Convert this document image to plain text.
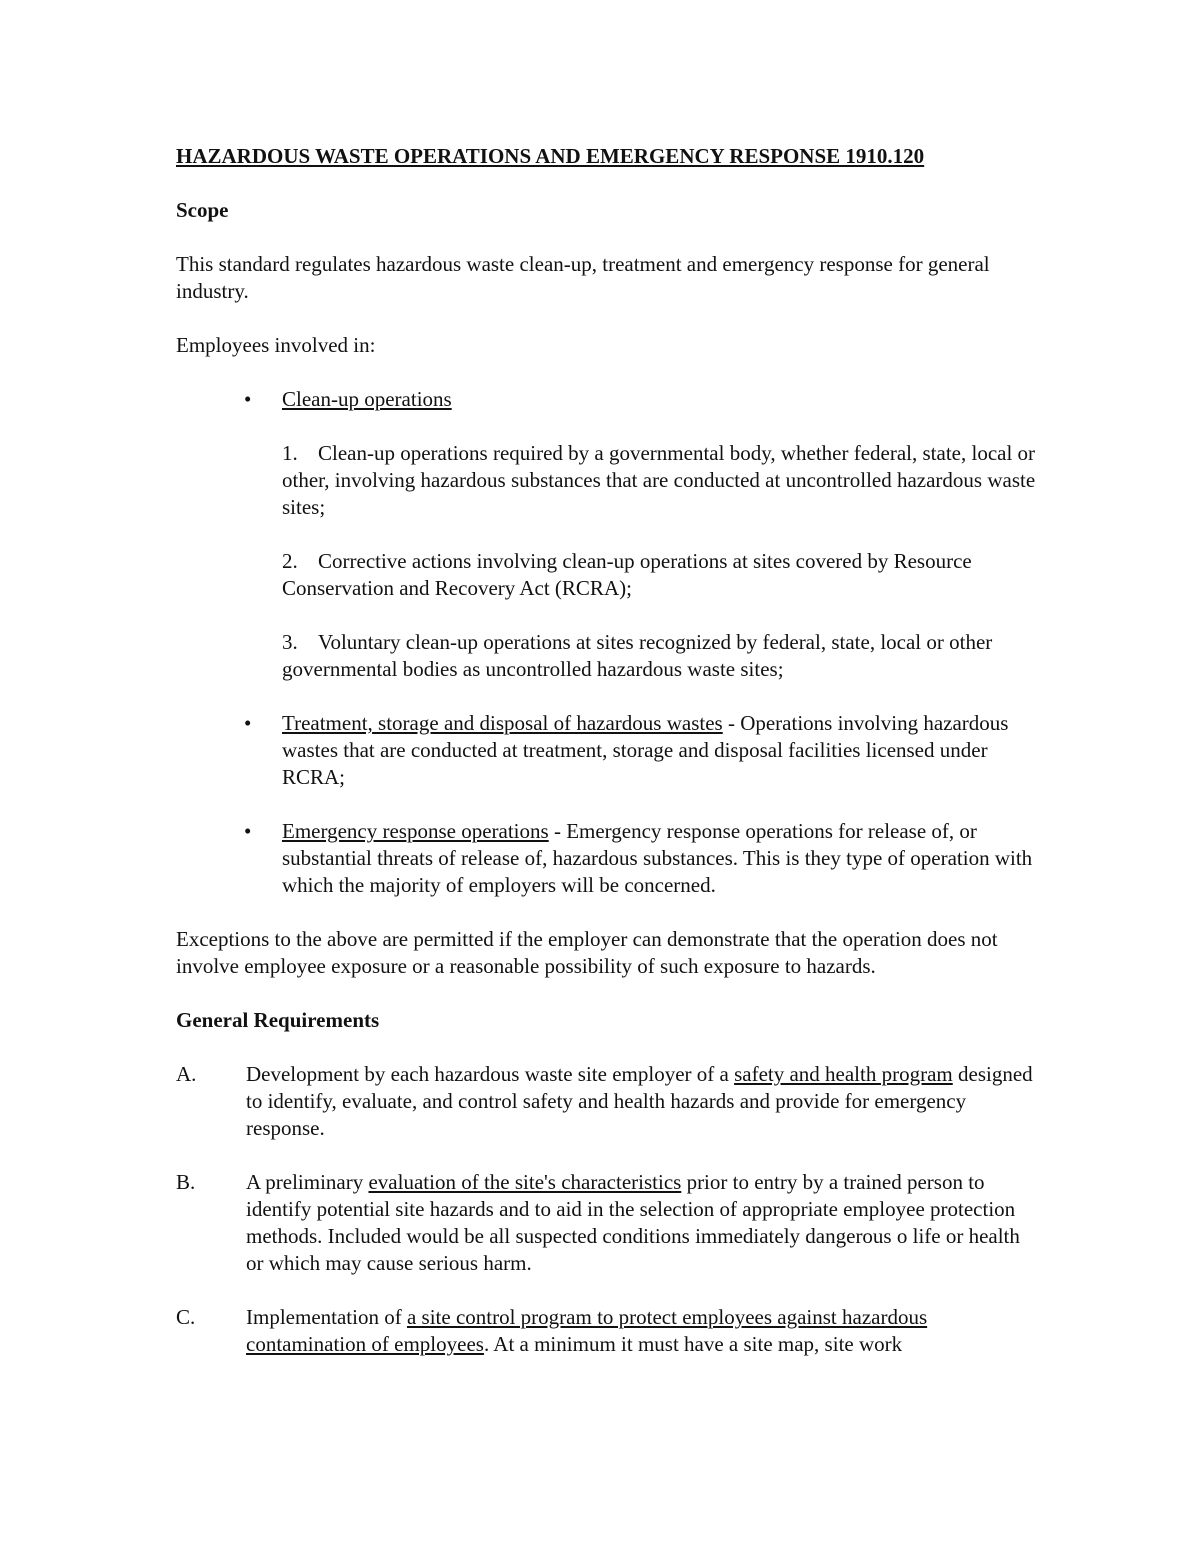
HAZARDOUS WASTE OPERATIONS AND EMERGENCY RESPONSE 1910.120

Scope

This standard regulates hazardous waste clean-up, treatment and emergency response for general industry.

Employees involved in:

• Clean-up operations
1. Clean-up operations required by a governmental body, whether federal, state, local or other, involving hazardous substances that are conducted at uncontrolled hazardous waste sites;
2. Corrective actions involving clean-up operations at sites covered by Resource Conservation and Recovery Act (RCRA);
3. Voluntary clean-up operations at sites recognized by federal, state, local or other governmental bodies as uncontrolled hazardous waste sites;
• Treatment, storage and disposal of hazardous wastes - Operations involving hazardous wastes that are conducted at treatment, storage and disposal facilities licensed under RCRA;
• Emergency response operations - Emergency response operations for release of, or substantial threats of release of, hazardous substances. This is they type of operation with which the majority of employers will be concerned.

Exceptions to the above are permitted if the employer can demonstrate that the operation does not involve employee exposure or a reasonable possibility of such exposure to hazards.

General Requirements

A. Development by each hazardous waste site employer of a safety and health program designed to identify, evaluate, and control safety and health hazards and provide for emergency response.
B. A preliminary evaluation of the site's characteristics prior to entry by a trained person to identify potential site hazards and to aid in the selection of appropriate employee protection methods. Included would be all suspected conditions immediately dangerous o life or health or which may cause serious harm.
C. Implementation of a site control program to protect employees against hazardous contamination of employees. At a minimum it must have a site map, site work
